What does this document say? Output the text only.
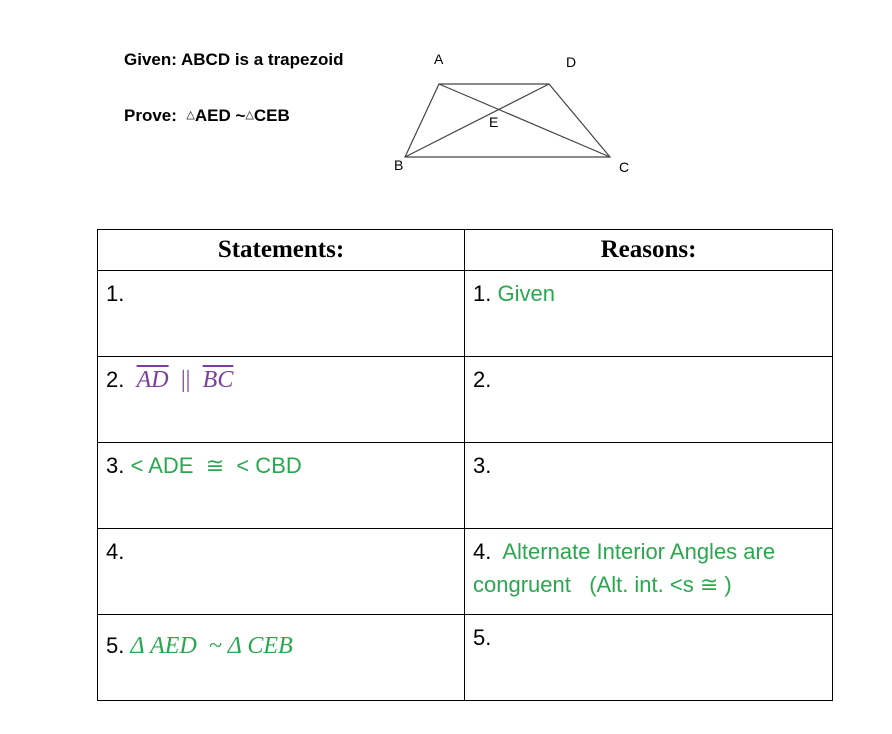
Given: ABCD is a trapezoid
Prove: △AED ~△CEB
A	D
E
B	C
Statements:	Reasons:
1.	1. Given
2. $\overline{AD}$ || $\overline{BC}$	2.
3. < ADE  ≅  < CBD	3.
4.	4. Alternate Interior Angles are congruent   (Alt. int. <s ≅ )
5. Δ AED  ~ Δ CEB	5.
